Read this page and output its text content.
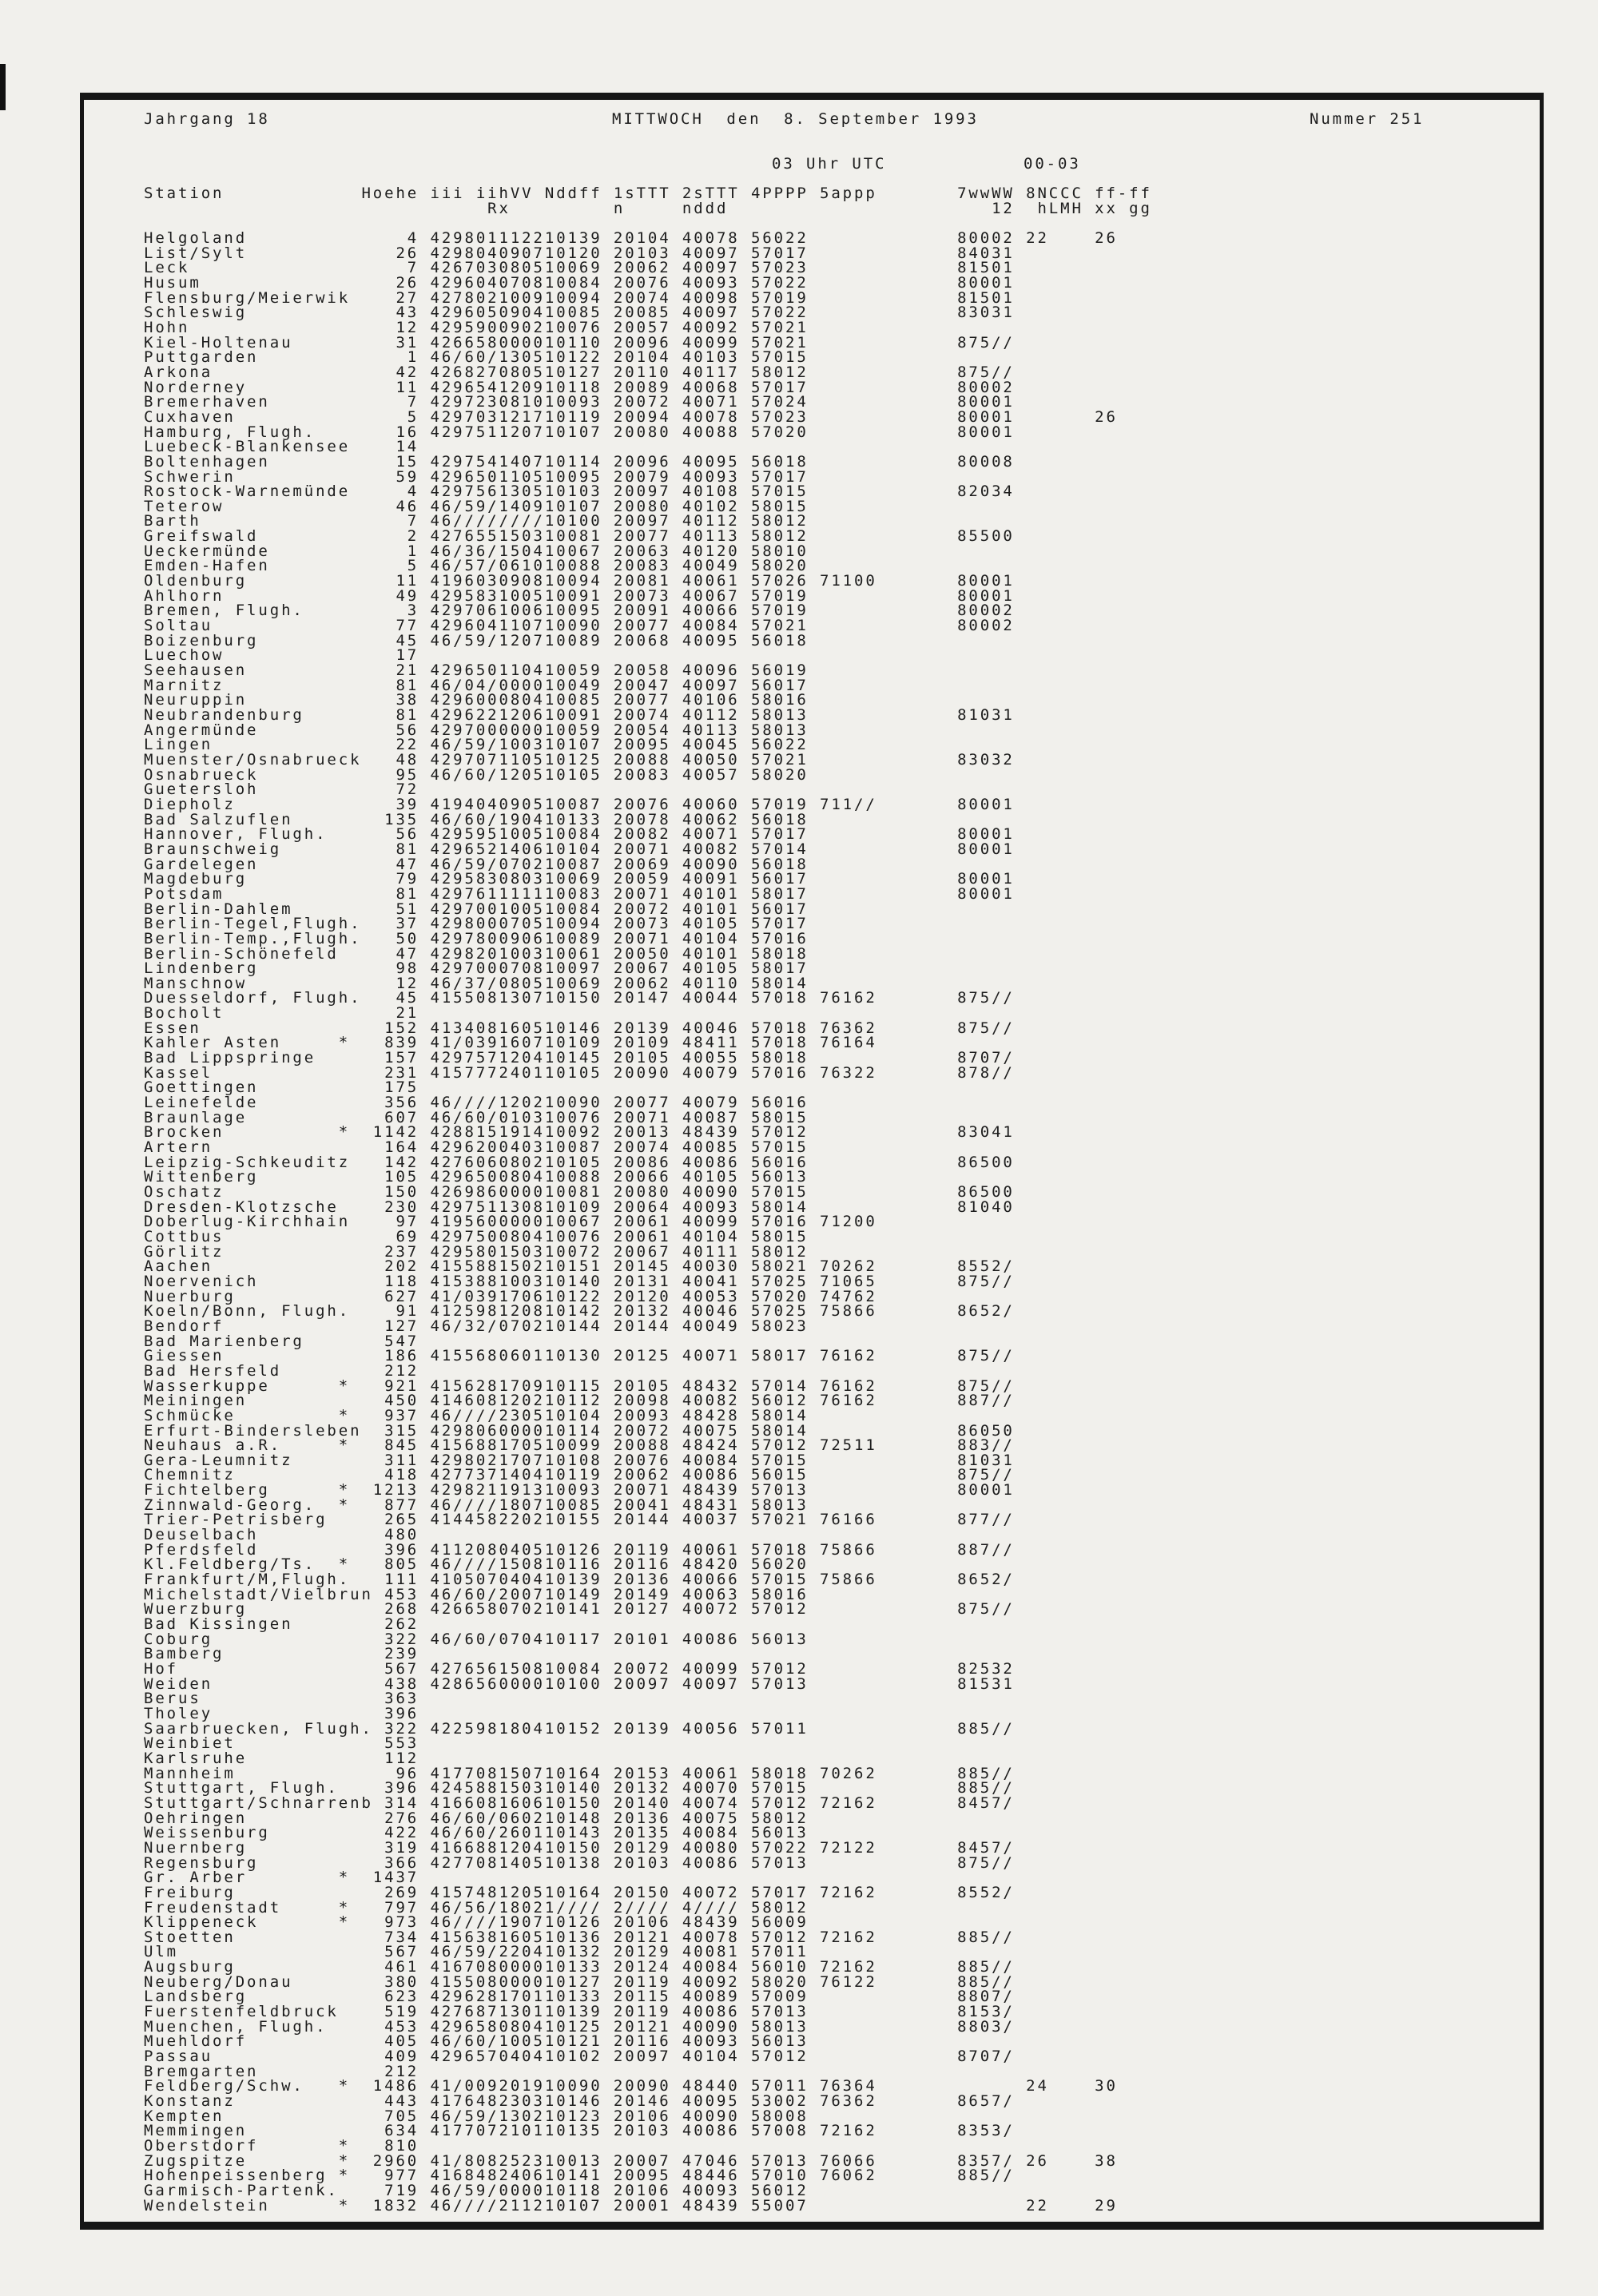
Jahrgang 18	MITTWOCH  den  8. September 1993	Nummer 251
03 Uhr UTC	00-03
Station            Hoehe iii iihVV Nddff 1sTTT 2sTTT 4PPPP 5appp       7wwWW 8NCCC ff-ff
Rx         n     nddd                       12  hLMH xx gg
Helgoland              4 429801112210139 20104 40078 56022             80002 22    26
List/Sylt             26 429804090710120 20103 40097 57017             84031
Leck                   7 426703080510069 20062 40097 57023             81501
Husum                 26 429604070810084 20076 40093 57022             80001
Flensburg/Meierwik    27 427802100910094 20074 40098 57019             81501
Schleswig             43 429605090410085 20085 40097 57022             83031
Hohn                  12 429590090210076 20057 40092 57021
Kiel-Holtenau         31 426658000010110 20096 40099 57021             875//
Puttgarden             1 46/60/130510122 20104 40103 57015
Arkona                42 426827080510127 20110 40117 58012             875//
Norderney             11 429654120910118 20089 40068 57017             80002
Bremerhaven            7 429723081010093 20072 40071 57024             80001
Cuxhaven               5 429703121710119 20094 40078 57023             80001       26
Hamburg, Flugh.       16 429751120710107 20080 40088 57020             80001
Luebeck-Blankensee    14
Boltenhagen           15 429754140710114 20096 40095 56018             80008
Schwerin              59 429650110510095 20079 40093 57017
Rostock-Warnemünde     4 429756130510103 20097 40108 57015             82034
Teterow               46 46/59/140910107 20080 40102 58015
Barth                  7 46////////10100 20097 40112 58012
Greifswald             2 427655150310081 20077 40113 58012             85500
Ueckermünde            1 46/36/150410067 20063 40120 58010
Emden-Hafen            5 46/57/061010088 20083 40049 58020
Oldenburg             11 419603090810094 20081 40061 57026 71100       80001
Ahlhorn               49 429583100510091 20073 40067 57019             80001
Bremen, Flugh.         3 429706100610095 20091 40066 57019             80002
Soltau                77 429604110710090 20077 40084 57021             80002
Boizenburg            45 46/59/120710089 20068 40095 56018
Luechow               17
Seehausen             21 429650110410059 20058 40096 56019
Marnitz               81 46/04/000010049 20047 40097 56017
Neuruppin             38 429600080410085 20077 40106 58016
Neubrandenburg        81 429622120610091 20074 40112 58013             81031
Angermünde            56 429700000010059 20054 40113 58013
Lingen                22 46/59/100310107 20095 40045 56022
Muenster/Osnabrueck   48 429707110510125 20088 40050 57021             83032
Osnabrueck            95 46/60/120510105 20083 40057 58020
Guetersloh            72
Diepholz              39 419404090510087 20076 40060 57019 711//       80001
Bad Salzuflen        135 46/60/190410133 20078 40062 56018
Hannover, Flugh.      56 429595100510084 20082 40071 57017             80001
Braunschweig          81 429652140610104 20071 40082 57014             80001
Gardelegen            47 46/59/070210087 20069 40090 56018
Magdeburg             79 429583080310069 20059 40091 56017             80001
Potsdam               81 429761111110083 20071 40101 58017             80001
Berlin-Dahlem         51 429700100510084 20072 40101 56017
Berlin-Tegel,Flugh.   37 429800070510094 20073 40105 57017
Berlin-Temp.,Flugh.   50 429780090610089 20071 40104 57016
Berlin-Schönefeld     47 429820100310061 20050 40101 58018
Lindenberg            98 429700070810097 20067 40105 58017
Manschnow             12 46/37/080510069 20062 40110 58014
Duesseldorf, Flugh.   45 415508130710150 20147 40044 57018 76162       875//
Bocholt               21
Essen                152 413408160510146 20139 40046 57018 76362       875//
Kahler Asten     *   839 41/039160710109 20109 48411 57018 76164
Bad Lippspringe      157 429757120410145 20105 40055 58018             8707/
Kassel               231 415777240110105 20090 40079 57016 76322       878//
Goettingen           175
Leinefelde           356 46////120210090 20077 40079 56016
Braunlage            607 46/60/010310076 20071 40087 58015
Brocken          *  1142 428815191410092 20013 48439 57012             83041
Artern               164 429620040310087 20074 40085 57015
Leipzig-Schkeuditz   142 427606080210105 20086 40086 56016             86500
Wittenberg           105 429650080410088 20066 40105 56013
Oschatz              150 426986000010081 20080 40090 57015             86500
Dresden-Klotzsche    230 429751130810109 20064 40093 58014             81040
Doberlug-Kirchhain    97 419560000010067 20061 40099 57016 71200
Cottbus               69 429750080410076 20061 40104 58015
Görlitz              237 429580150310072 20067 40111 58012
Aachen               202 415588150210151 20145 40030 58021 70262       8552/
Noervenich           118 415388100310140 20131 40041 57025 71065       875//
Nuerburg             627 41/039170610122 20120 40053 57020 74762
Koeln/Bonn, Flugh.    91 412598120810142 20132 40046 57025 75866       8652/
Bendorf              127 46/32/070210144 20144 40049 58023
Bad Marienberg       547
Giessen              186 415568060110130 20125 40071 58017 76162       875//
Bad Hersfeld         212
Wasserkuppe      *   921 415628170910115 20105 48432 57014 76162       875//
Meiningen            450 414608120210112 20098 40082 56012 76162       887//
Schmücke         *   937 46////230510104 20093 48428 58014
Erfurt-Bindersleben  315 429806000010114 20072 40075 58014             86050
Neuhaus a.R.     *   845 415688170510099 20088 48424 57012 72511       883//
Gera-Leumnitz        311 429802170710108 20076 40084 57015             81031
Chemnitz             418 427737140410119 20062 40086 56015             875//
Fichtelberg      *  1213 429821191310093 20071 48439 57013             80001
Zinnwald-Georg.  *   877 46////180710085 20041 48431 58013
Trier-Petrisberg     265 414458220210155 20144 40037 57021 76166       877//
Deuselbach           480
Pferdsfeld           396 411208040510126 20119 40061 57018 75866       887//
Kl.Feldberg/Ts.  *   805 46////150810116 20116 48420 56020
Frankfurt/M,Flugh.   111 410507040410139 20136 40066 57015 75866       8652/
Michelstadt/Vielbrun 453 46/60/200710149 20149 40063 58016
Wuerzburg            268 426658070210141 20127 40072 57012             875//
Bad Kissingen        262
Coburg               322 46/60/070410117 20101 40086 56013
Bamberg              239
Hof                  567 427656150810084 20072 40099 57012             82532
Weiden               438 428656000010100 20097 40097 57013             81531
Berus                363
Tholey               396
Saarbruecken, Flugh. 322 422598180410152 20139 40056 57011             885//
Weinbiet             553
Karlsruhe            112
Mannheim              96 417708150710164 20153 40061 58018 70262       885//
Stuttgart, Flugh.    396 424588150310140 20132 40070 57015             885//
Stuttgart/Schnarrenb 314 416608160610150 20140 40074 57012 72162       8457/
Oehringen            276 46/60/060210148 20136 40075 58012
Weissenburg          422 46/60/260110143 20135 40084 56013
Nuernberg            319 416688120410150 20129 40080 57022 72122       8457/
Regensburg           366 427708140510138 20103 40086 57013             875//
Gr. Arber        *  1437
Freiburg             269 415748120510164 20150 40072 57017 72162       8552/
Freudenstadt     *   797 46/56/18021//// 2//// 4//// 58012
Klippeneck       *   973 46////190710126 20106 48439 56009
Stoetten             734 415638160510136 20121 40078 57012 72162       885//
Ulm                  567 46/59/220410132 20129 40081 57011
Augsburg             461 416708000010133 20124 40084 56010 72162       885//
Neuberg/Donau        380 415508000010127 20119 40092 58020 76122       885//
Landsberg            623 429628170110133 20115 40089 57009             8807/
Fuerstenfeldbruck    519 427687130110139 20119 40086 57013             8153/
Muenchen, Flugh.     453 429658080410125 20121 40090 58013             8803/
Muehldorf            405 46/60/100510121 20116 40093 56013
Passau               409 429657040410102 20097 40104 57012             8707/
Bremgarten           212
Feldberg/Schw.   *  1486 41/009201910090 20090 48440 57011 76364             24    30
Konstanz             443 417648230310146 20146 40095 53002 76362       8657/
Kempten              705 46/59/130210123 20106 40090 58008
Memmingen            634 417707210110135 20103 40086 57008 72162       8353/
Oberstdorf       *   810
Zugspitze        *  2960 41/808252310013 20007 47046 57013 76066       8357/ 26    38
Hohenpeissenberg *   977 416848240610141 20095 48446 57010 76062       885//
Garmisch-Partenk.    719 46/59/000010118 20106 40093 56012
Wendelstein      *  1832 46////211210107 20001 48439 55007                   22    29
